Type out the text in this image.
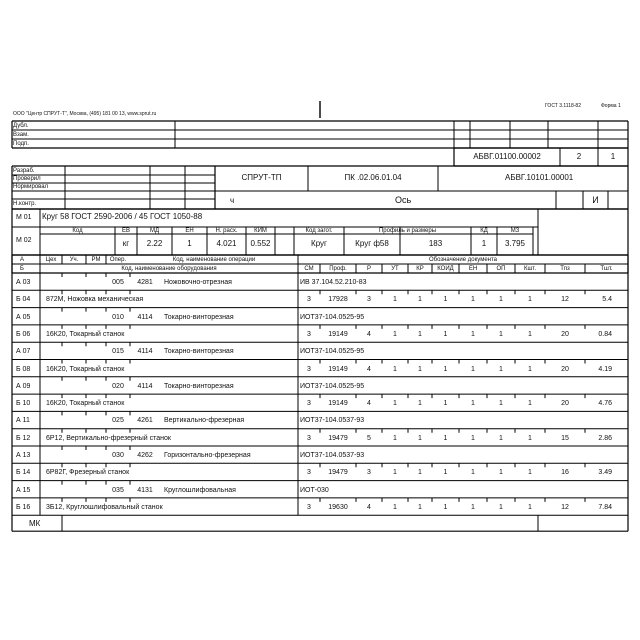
ООО "Центр СПРУТ-Т", Москва, (495) 181 00 13, www.sprut.ru
ГОСТ 3.1118-82	Форма 1
Дубл.
Взам.
Подп.
АБВГ.01100.00002	2	1
Разраб.
Проверил
Нормировал
Н.контр.
СПРУТ-ТП	ПК .02.06.01.04	АБВГ.10101.00001
ч	Ось	И
М 01 Круг 58 ГОСТ 2590-2006 / 45 ГОСТ 1050-88
М 02
Код	ЕВ	МД	ЕН	Н. расх.	КИМ	Код загот.	Профиль и размеры	КД	МЗ
кг	2.22	1	4.021	0.552	Круг	Круг ф58	183	1	3.795
А
Б
Цех	Уч.	РМ	Опер.	Код, наименование операции	Обозначение документа
Код, наименование оборудования	СМ	Проф.	Р	УТ	КР	КОИД	ЕН	ОП	Кшт.	Тпз	Тшт.
А 03	005	4281	Ножовочно-отрезная	ИВ 37.104.52.210-83
Б 04 872М, Ножовка механическая	3	17928	3	1	1	1	1	1	1	12	5.4
А 05	010	4114	Токарно-винторезная	ИОТ37-104.0525-95
Б 06 16К20, Токарный станок	3	19149	4	1	1	1	1	1	1	20	0.84
А 07	015	4114	Токарно-винторезная	ИОТ37-104.0525-95
Б 08 16К20, Токарный станок	3	19149	4	1	1	1	1	1	1	20	4.19
А 09	020	4114	Токарно-винторезная	ИОТ37-104.0525-95
Б 10 16К20, Токарный станок	3	19149	4	1	1	1	1	1	1	20	4.76
А 11	025	4261	Вертикально-фрезерная	ИОТ37-104.0537-93
Б 12 6Р12, Вертикально-фрезерный станок	3	19479	5	1	1	1	1	1	1	15	2.86
А 13	030	4262	Горизонтально-фрезерная	ИОТ37-104.0537-93
Б 14 6Р82Г, Фрезерный станок	3	19479	3	1	1	1	1	1	1	16	3.49
А 15	035	4131	Круглошлифовальная	ИОТ-030
Б 16 3Б12, Круглошлифовальный станок	3	19630	4	1	1	1	1	1	1	12	7.84
МК
